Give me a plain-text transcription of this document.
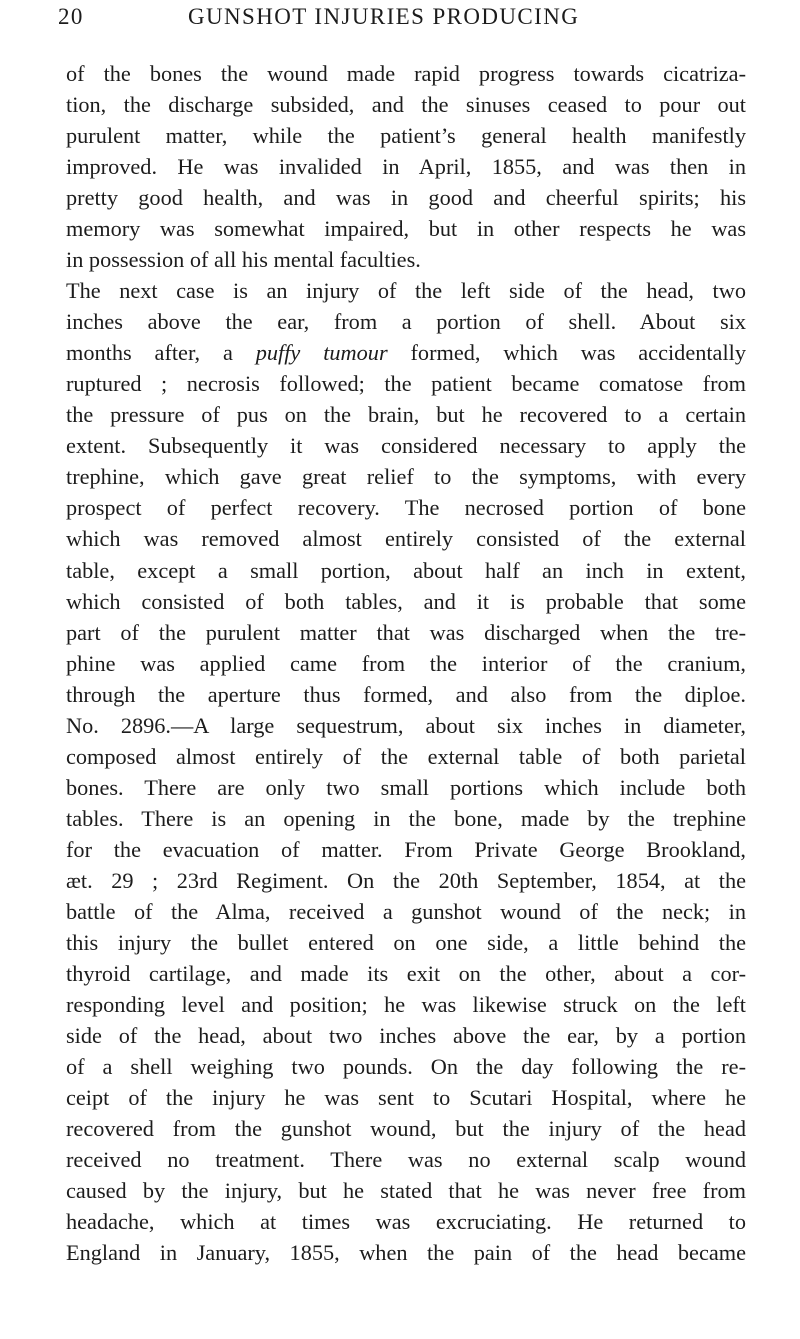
20	GUNSHOT INJURIES PRODUCING
of the bones the wound made rapid progress towards cicatriza-
tion, the discharge subsided, and the sinuses ceased to pour out
purulent matter, while the patient’s general health manifestly
improved. He was invalided in April, 1855, and was then in
pretty good health, and was in good and cheerful spirits; his
memory was somewhat impaired, but in other respects he was
in possession of all his mental faculties.
The next case is an injury of the left side of the head, two
inches above the ear, from a portion of shell. About six
months after, a puffy tumour formed, which was accidentally
ruptured ; necrosis followed; the patient became comatose from
the pressure of pus on the brain, but he recovered to a certain
extent. Subsequently it was considered necessary to apply the
trephine, which gave great relief to the symptoms, with every
prospect of perfect recovery. The necrosed portion of bone
which was removed almost entirely consisted of the external
table, except a small portion, about half an inch in extent,
which consisted of both tables, and it is probable that some
part of the purulent matter that was discharged when the tre-
phine was applied came from the interior of the cranium,
through the aperture thus formed, and also from the diploe.
No. 2896.—A large sequestrum, about six inches in diameter,
composed almost entirely of the external table of both parietal
bones. There are only two small portions which include both
tables. There is an opening in the bone, made by the trephine
for the evacuation of matter. From Private George Brookland,
æt. 29 ; 23rd Regiment. On the 20th September, 1854, at the
battle of the Alma, received a gunshot wound of the neck; in
this injury the bullet entered on one side, a little behind the
thyroid cartilage, and made its exit on the other, about a cor-
responding level and position; he was likewise struck on the left
side of the head, about two inches above the ear, by a portion
of a shell weighing two pounds. On the day following the re-
ceipt of the injury he was sent to Scutari Hospital, where he
recovered from the gunshot wound, but the injury of the head
received no treatment. There was no external scalp wound
caused by the injury, but he stated that he was never free from
headache, which at times was excruciating. He returned to
England in January, 1855, when the pain of the head became
